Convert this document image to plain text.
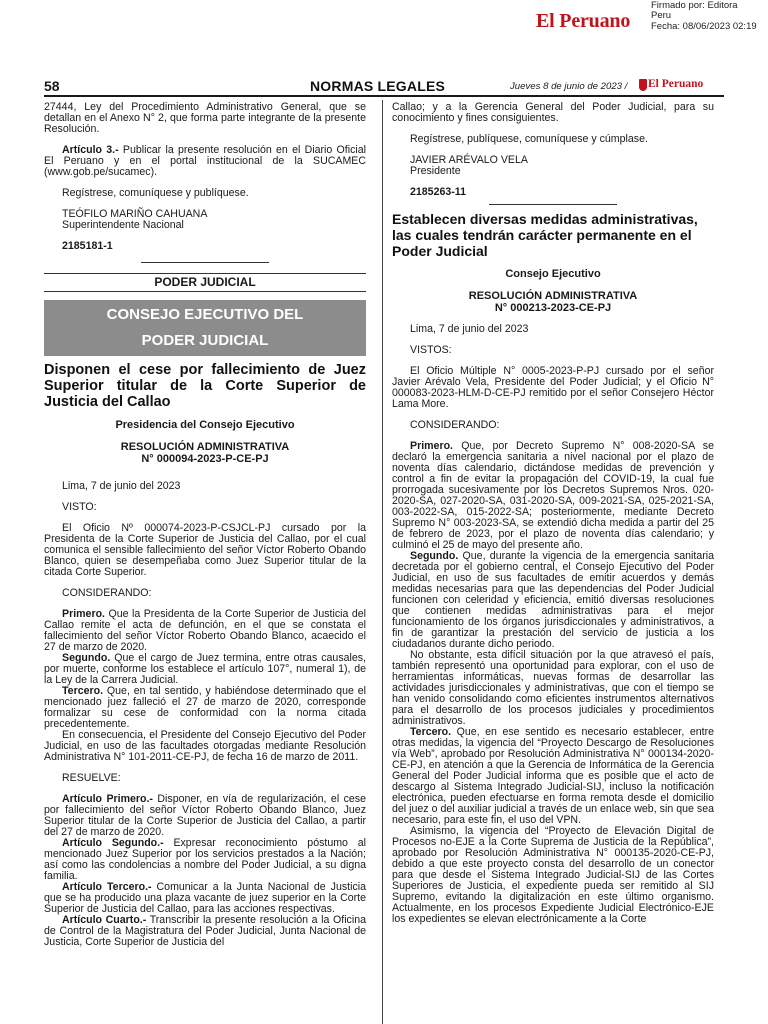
El Peruano
Firmado por: Editora
Peru
Fecha: 08/06/2023 02:19
58	NORMAS LEGALES	Jueves 8 de junio de 2023 / El Peruano

27444, Ley del Procedimiento Administrativo General, que se detallan en el Anexo N° 2, que forma parte integrante de la presente Resolución.

Artículo 3.- Publicar la presente resolución en el Diario Oficial El Peruano y en el portal institucional de la SUCAMEC (www.gob.pe/sucamec).

Regístrese, comuníquese y publíquese.

TEÓFILO MARIÑO CAHUANA

Superintendente Nacional

2185181-1

PODER JUDICIAL
CONSEJO EJECUTIVO DEL
PODER JUDICIAL
Disponen el cese por fallecimiento de Juez Superior titular de la Corte Superior de Justicia del Callao
Presidencia del Consejo Ejecutivo
RESOLUCIÓN ADMINISTRATIVA
N° 000094-2023-P-CE-PJ

Lima, 7 de junio del 2023

VISTO:

El Oficio Nº 000074-2023-P-CSJCL-PJ cursado por la Presidenta de la Corte Superior de Justicia del Callao, por el cual comunica el sensible fallecimiento del señor Víctor Roberto Obando Blanco, quien se desempeñaba como Juez Superior titular de la citada Corte Superior.

CONSIDERANDO:

Primero. Que la Presidenta de la Corte Superior de Justicia del Callao remite el acta de defunción, en el que se constata el fallecimiento del señor Víctor Roberto Obando Blanco, acaecido el 27 de marzo de 2020.

Segundo. Que el cargo de Juez termina, entre otras causales, por muerte, conforme los establece el artículo 107°, numeral 1), de la Ley de la Carrera Judicial.

Tercero. Que, en tal sentido, y habiéndose determinado que el mencionado juez falleció el 27 de marzo de 2020, corresponde formalizar su cese de conformidad con la norma citada precedentemente.

En consecuencia, el Presidente del Consejo Ejecutivo del Poder Judicial, en uso de las facultades otorgadas mediante Resolución Administrativa N° 101-2011-CE-PJ, de fecha 16 de marzo de 2011.

RESUELVE:

Artículo Primero.- Disponer, en vía de regularización, el cese por fallecimiento del señor Víctor Roberto Obando Blanco, Juez Superior titular de la Corte Superior de Justicia del Callao, a partir del 27 de marzo de 2020.

Artículo Segundo.- Expresar reconocimiento póstumo al mencionado Juez Superior por los servicios prestados a la Nación; así como las condolencias a nombre del Poder Judicial, a su digna familia.

Artículo Tercero.- Comunicar a la Junta Nacional de Justicia que se ha producido una plaza vacante de juez superior en la Corte Superior de Justicia del Callao, para las acciones respectivas.

Artículo Cuarto.- Transcribir la presente resolución a la Oficina de Control de la Magistratura del Poder Judicial, Junta Nacional de Justicia, Corte Superior de Justicia del

Callao; y a la Gerencia General del Poder Judicial, para su conocimiento y fines consiguientes.

Regístrese, publíquese, comuníquese y cúmplase.

JAVIER ARÉVALO VELA

Presidente

2185263-11

Establecen diversas medidas administrativas, las cuales tendrán carácter permanente en el Poder Judicial
Consejo Ejecutivo
RESOLUCIÓN ADMINISTRATIVA
N° 000213-2023-CE-PJ

Lima, 7 de junio del 2023

VISTOS:

El Oficio Múltiple N° 0005-2023-P-PJ cursado por el señor Javier Arévalo Vela, Presidente del Poder Judicial; y el Oficio N° 000083-2023-HLM-D-CE-PJ remitido por el señor Consejero Héctor Lama More.

CONSIDERANDO:

Primero. Que, por Decreto Supremo N° 008-2020-SA se declaró la emergencia sanitaria a nivel nacional por el plazo de noventa días calendario, dictándose medidas de prevención y control a fin de evitar la propagación del COVID-19, la cual fue prorrogada sucesivamente por los Decretos Supremos Nros. 020-2020-SA, 027-2020-SA, 031-2020-SA, 009-2021-SA, 025-2021-SA, 003-2022-SA, 015-2022-SA; posteriormente, mediante Decreto Supremo N° 003-2023-SA, se extendió dicha medida a partir del 25 de febrero de 2023, por el plazo de noventa días calendario; y culminó el 25 de mayo del presente año.

Segundo. Que, durante la vigencia de la emergencia sanitaria decretada por el gobierno central, el Consejo Ejecutivo del Poder Judicial, en uso de sus facultades de emitir acuerdos y demás medidas necesarias para que las dependencias del Poder Judicial funcionen con celeridad y eficiencia, emitió diversas resoluciones que contienen medidas administrativas para el mejor funcionamiento de los órganos jurisdiccionales y administrativos, a fin de garantizar la prestación del servicio de justicia a los ciudadanos durante dicho periodo.

No obstante, esta difícil situación por la que atravesó el país, también representó una oportunidad para explorar, con el uso de herramientas informáticas, nuevas formas de desarrollar las actividades jurisdiccionales y administrativas, que con el tiempo se han venido consolidando como eficientes instrumentos alternativos para el desarrollo de los procesos judiciales y procedimientos administrativos.

Tercero. Que, en ese sentido es necesario establecer, entre otras medidas, la vigencia del “Proyecto Descargo de Resoluciones vía Web”, aprobado por Resolución Administrativa N° 000134-2020-CE-PJ, en atención a que la Gerencia de Informática de la Gerencia General del Poder Judicial informa que es posible que el acto de descargo al Sistema Integrado Judicial-SIJ, incluso la notificación electrónica, pueden efectuarse en forma remota desde el domicilio del juez o del auxiliar judicial a través de un enlace web, sin que sea necesario, para este fin, el uso del VPN.

Asimismo, la vigencia del “Proyecto de Elevación Digital de Procesos no-EJE a la Corte Suprema de Justicia de la República”, aprobado por Resolución Administrativa N° 000135-2020-CE-PJ, debido a que este proyecto consta del desarrollo de un conector para que desde el Sistema Integrado Judicial-SIJ de las Cortes Superiores de Justicia, el expediente pueda ser remitido al SIJ Supremo, evitando la digitalización en este último organismo. Actualmente, en los procesos Expediente Judicial Electrónico-EJE los expedientes se elevan electrónicamente a la Corte
